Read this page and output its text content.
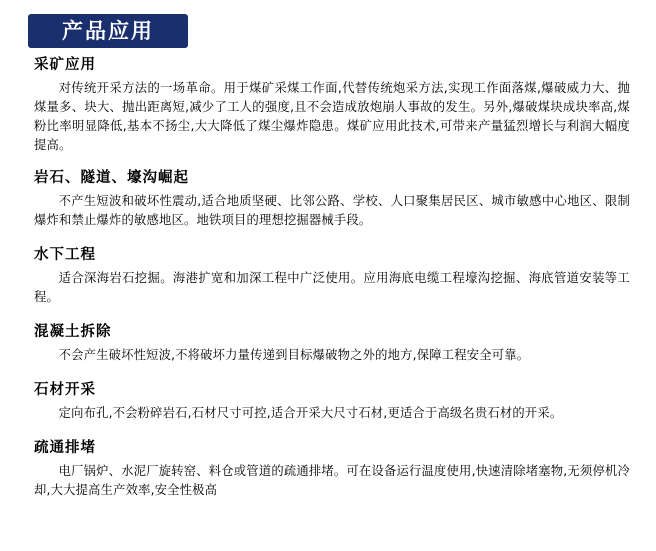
产品应用
采矿应用
对传统开采方法的一场革命。用于煤矿采煤工作面,代替传统炮采方法,实现工作面落煤,爆破威力大、抛煤量多、块大、抛出距离短,减少了工人的强度,且不会造成放炮崩人事故的发生。另外,爆破煤块成块率高,煤粉比率明显降低,基本不扬尘,大大降低了煤尘爆炸隐患。煤矿应用此技术,可带来产量猛烈增长与利润大幅度提高。
岩石、隧道、壕沟崛起
不产生短波和破坏性震动,适合地质坚硬、比邻公路、学校、人口聚集居民区、城市敏感中心地区、限制爆炸和禁止爆炸的敏感地区。地铁项目的理想挖掘器械手段。
水下工程
适合深海岩石挖掘。海港扩宽和加深工程中广泛使用。应用海底电缆工程壕沟挖掘、海底管道安装等工程。
混凝土拆除
不会产生破坏性短波,不将破坏力量传递到目标爆破物之外的地方,保障工程安全可靠。
石材开采
定向布孔,不会粉碎岩石,石材尺寸可控,适合开采大尺寸石材,更适合于高级名贵石材的开采。
疏通排堵
电厂锅炉、水泥厂旋转窑、料仓或管道的疏通排堵。可在设备运行温度使用,快速清除堵塞物,无须停机冷却,大大提高生产效率,安全性极高
